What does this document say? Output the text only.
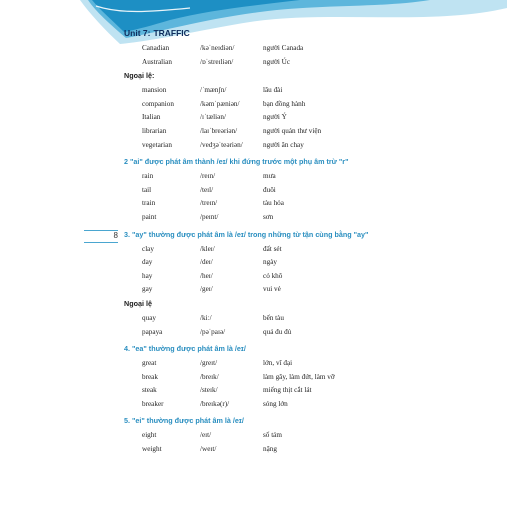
Unit 7: TRAFFIC
8
Canadian	/kəˈneɪdiən/	người Canada
Australian	/ɒˈstreɪliən/	người Úc
Ngoại lệ:
mansion	/ˈmænʃn/	lâu đài
companion	/kəmˈpæniən/	bạn đồng hành
Italian	/ɪˈtæliən/	người Ý
librarian	/laɪˈbreəriən/	người quản thư viện
vegetarian	/vedʒəˈteəriən/	người ăn chay
2 "ai" được phát âm thành /eɪ/ khi đứng trước một phụ âm trừ "r"
rain	/reɪn/	mưa
tail	/teɪl/	đuôi
train	/treɪn/	tàu hỏa
paint	/peɪnt/	sơn
3. "ay" thường được phát âm là /eɪ/ trong những từ tận cùng bằng "ay"
clay	/kleɪ/	đất sét
day	/deɪ/	ngày
hay	/heɪ/	cỏ khô
gay	/geɪ/	vui vẻ
Ngoại lệ
quay	/kiː/	bến tàu
papaya	/pəˈpaɪə/	quả đu đủ
4. "ea" thường được phát âm là /eɪ/
great	/greɪt/	lớn, vĩ đại
break	/breɪk/	làm gãy, làm đứt, làm vỡ
steak	/steɪk/	miếng thịt cắt lát
breaker	/breɪkə(r)/	sóng lớn
5. "ei" thường được phát âm là /eɪ/
eight	/eɪt/	số tám
weight	/weɪt/	nặng
